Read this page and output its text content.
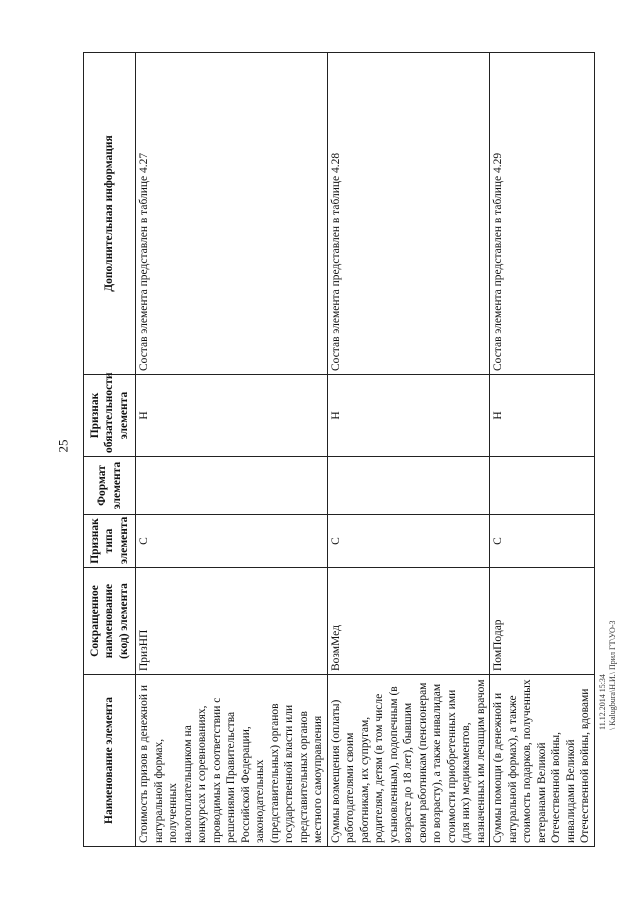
25
11.12.2014 15:34 \ Kalugbura\H.И.\ Прил ГТ\УО-3
Наименование элемента	Сокращенное наименование (код) элемента	Признак типа элемента	Формат элемента	Признак обязательности элемента	Дополнительная информация
Стоимость призов в денежной и натуральной формах, полученных налогоплательщиком на конкурсах и соревнованиях, проводимых в соответствии с решениями Правительства Российской Федерации, законодательных (представительных) органов государственной власти или представительных органов местного самоуправления	ПризНП	С		Н	Состав элемента представлен в таблице 4.27
Суммы возмещения (оплаты) работодателями своим работникам, их супругам, родителям, детям (в том числе усыновленным), подопечным (в возрасте до 18 лет), бывшим своим работникам (пенсионерам по возрасту), а также инвалидам стоимости приобретенных ими (для них) медикаментов, назначенных им лечащим врачом	ВозмМед	С		Н	Состав элемента представлен в таблице 4.28
Суммы помощи (в денежной и натуральной формах), а также стоимость подарков, полученных ветеранами Великой Отечественной войны, инвалидами Великой Отечественной войны, вдовами	ПомПодар	С		Н	Состав элемента представлен в таблице 4.29
